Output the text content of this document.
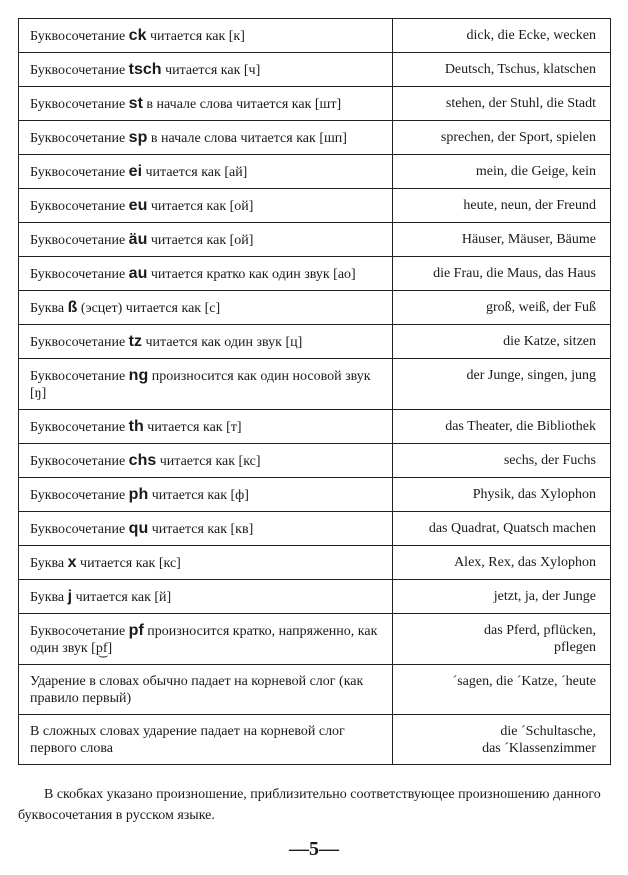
Буквосочетание ck читается как [к]	dick, die Ecke, wecken

Буквосочетание tsch читается как [ч]	Deutsch, Tschus, klatschen

Буквосочетание st в начале слова читается как [шт]	stehen, der Stuhl, die Stadt

Буквосочетание sp в начале слова читается как [шп]	sprechen, der Sport, spielen

Буквосочетание ei читается как [ай]	mein, die Geige, kein

Буквосочетание eu читается как [ой]	heute, neun, der Freund

Буквосочетание äu читается как [ой]	Häuser, Mäuser, Bäume

Буквосочетание au читается кратко как один звук [ао]	die Frau, die Maus, das Haus

Буква ß (эсцет) читается как [с]	groß, weiß, der Fuß

Буквосочетание tz читается как один звук [ц]	die Katze, sitzen

Буквосочетание ng произносится как один носовой звук [ŋ]	der Junge, singen, jung

Буквосочетание th читается как [т]	das Theater, die Bibliothek

Буквосочетание chs читается как [кс]	sechs, der Fuchs

Буквосочетание ph читается как [ф]	Physik, das Xylophon

Буквосочетание qu читается как [кв]	das Quadrat, Quatsch machen

Буква x читается как [кс]	Alex, Rex, das Xylophon

Буква j читается как [й]	jetzt, ja, der Junge

Буквосочетание pf произносится кратко, напряженно, как один звук [p͜f]	das Pferd, pflücken,
pflegen

Ударение в словах обычно падает на корневой слог (как правило первый)	ˊsagen, die ˊKatze, ˊheute

В сложных словах ударение падает на корневой слог первого слова	die ˊSchultasche,
das ˊKlassenzimmer

В скобках указано произношение, приблизительно соответствующее произношению данного буквосочетания в русском языке.

—5—
